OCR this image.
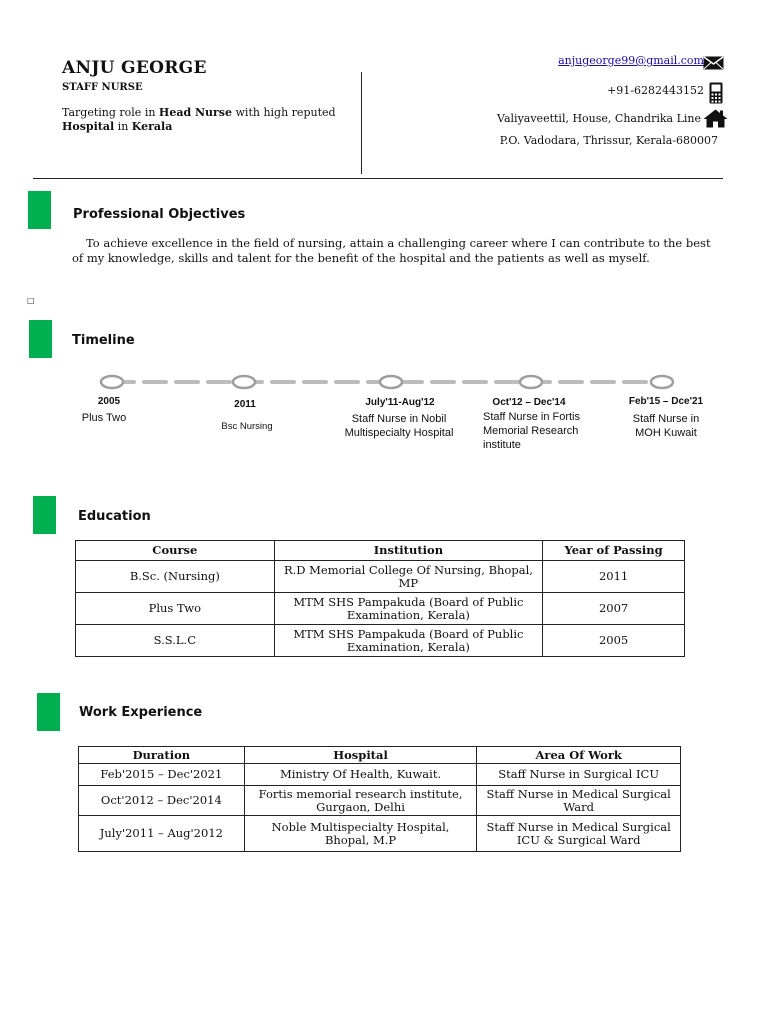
ANJU GEORGE
STAFF NURSE
Targeting role in Head Nurse with high reputed Hospital in Kerala
anjugeorge99@gmail.com
+91-6282443152
Valiyaveettil, House, Chandrika Line
P.O. Vadodara, Thrissur, Kerala-680007
Professional Objectives
To achieve excellence in the field of nursing, attain a challenging career where I can contribute to the best of my knowledge, skills and talent for the benefit of the hospital and the patients as well as myself.
□
Timeline
2005
Plus Two
2011
Bsc Nursing
July'11-Aug'12
Staff Nurse in Nobil Multispecialty Hospital
Oct'12 – Dec'14
Staff Nurse in Fortis Memorial Research institute
Feb'15 – Dce'21
Staff Nurse in MOH Kuwait
Education
Course	Institution	Year of Passing
B.Sc. (Nursing)	R.D Memorial College Of Nursing, Bhopal, MP	2011
Plus Two	MTM SHS Pampakuda (Board of Public Examination, Kerala)	2007
S.S.L.C	MTM SHS Pampakuda (Board of Public Examination, Kerala)	2005
Work Experience
Duration	Hospital	Area Of Work
Feb'2015 – Dec'2021	Ministry Of Health, Kuwait.	Staff Nurse in Surgical ICU
Oct'2012 – Dec'2014	Fortis memorial research institute, Gurgaon, Delhi	Staff Nurse in Medical Surgical Ward
July'2011 – Aug'2012	Noble Multispecialty Hospital, Bhopal, M.P	Staff Nurse in Medical Surgical ICU & Surgical Ward
